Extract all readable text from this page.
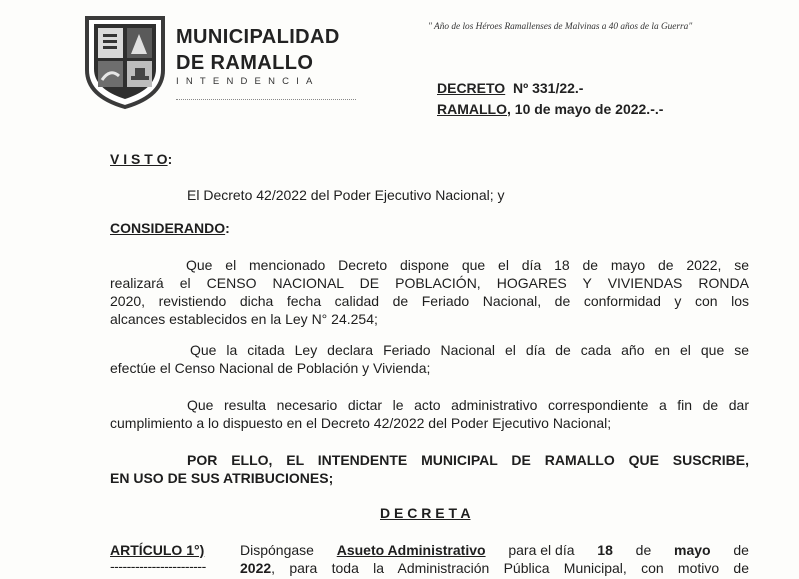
MUNICIPALIDAD
DE RAMALLO
INTENDENCIA
" Año de los Héroes Ramallenses de Malvinas a 40 años de la Guerra"
DECRETO Nº 331/22.-
RAMALLO, 10 de mayo de 2022.-.-
V I S T O:
El Decreto 42/2022 del Poder Ejecutivo Nacional; y
CONSIDERANDO:
Que el mencionado Decreto dispone que el día 18 de mayo de 2022, se
realizará el CENSO NACIONAL DE POBLACIÓN, HOGARES Y VIVIENDAS RONDA
2020, revistiendo dicha fecha calidad de Feriado Nacional, de conformidad y con los
alcances establecidos en la Ley N° 24.254;
Que la citada Ley declara Feriado Nacional el día de cada año en el que se
efectúe el Censo Nacional de Población y Vivienda;
Que resulta necesario dictar le acto administrativo correspondiente a fin de dar
cumplimiento a lo dispuesto en el Decreto 42/2022 del Poder Ejecutivo Nacional;
POR ELLO, EL INTENDENTE MUNICIPAL DE RAMALLO QUE SUSCRIBE,
EN USO DE SUS ATRIBUCIONES;
D E C R E T A
ARTÍCULO 1°)
-----------------------
Dispóngase Asueto Administrativo para el día 18 de mayo de
2022 , para toda la Administración Pública Municipal, con motivo de
